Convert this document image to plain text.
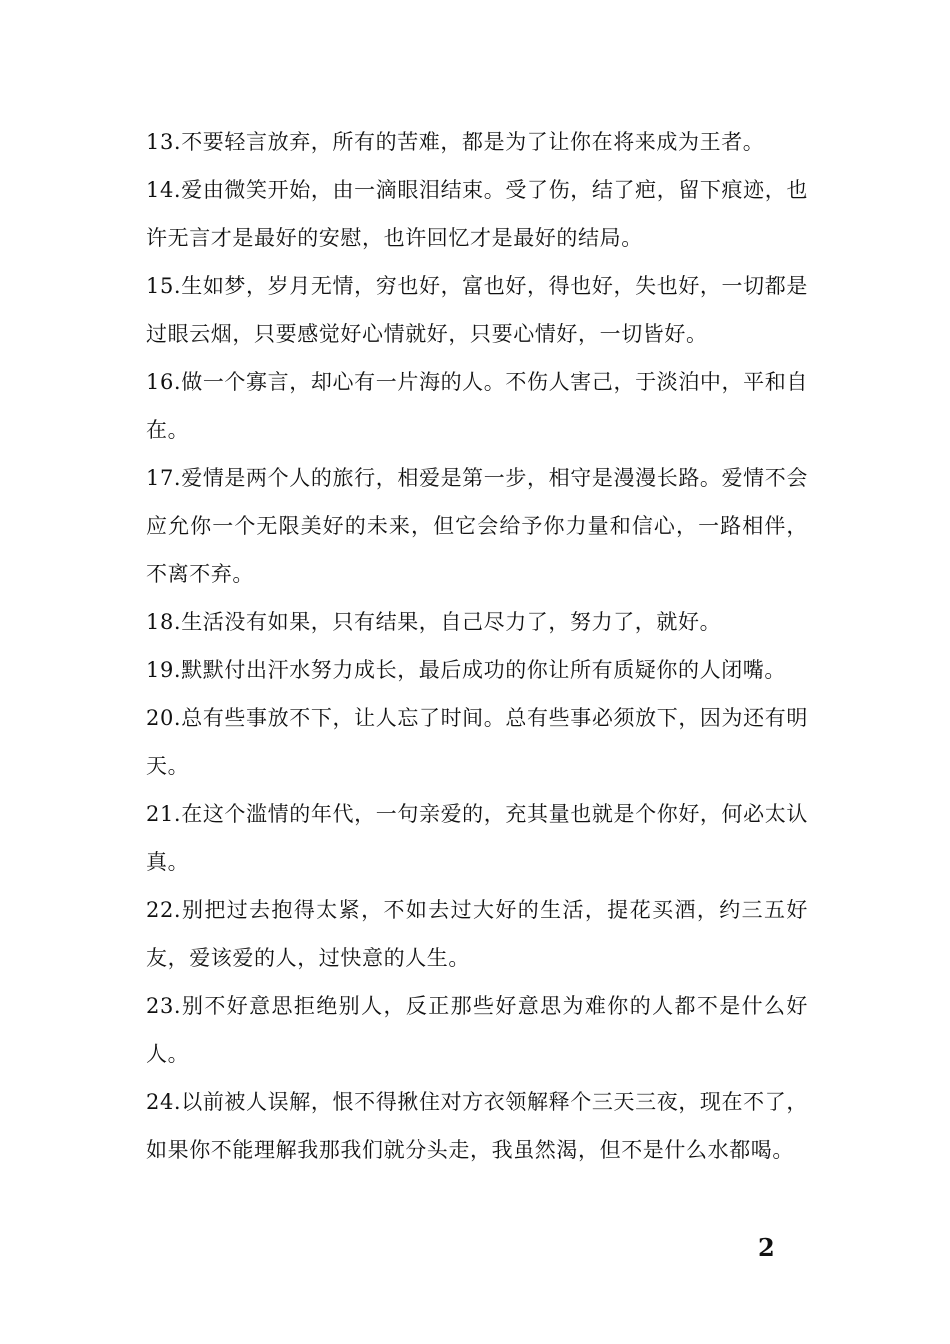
13.不要轻言放弃，所有的苦难，都是为了让你在将来成为王者。

14.爱由微笑开始，由一滴眼泪结束。受了伤，结了疤，留下痕迹，也许无言才是最好的安慰，也许回忆才是最好的结局。

15.生如梦，岁月无情，穷也好，富也好，得也好，失也好，一切都是过眼云烟，只要感觉好心情就好，只要心情好，一切皆好。

16.做一个寡言，却心有一片海的人。不伤人害己，于淡泊中，平和自在。

17.爱情是两个人的旅行，相爱是第一步，相守是漫漫长路。爱情不会应允你一个无限美好的未来，但它会给予你力量和信心，一路相伴，不离不弃。

18.生活没有如果，只有结果，自己尽力了，努力了，就好。

19.默默付出汗水努力成长，最后成功的你让所有质疑你的人闭嘴。

20.总有些事放不下，让人忘了时间。总有些事必须放下，因为还有明天。

21.在这个滥情的年代，一句亲爱的，充其量也就是个你好，何必太认真。

22.别把过去抱得太紧，不如去过大好的生活，提花买酒，约三五好友，爱该爱的人，过快意的人生。

23.别不好意思拒绝别人，反正那些好意思为难你的人都不是什么好人。

24.以前被人误解，恨不得揪住对方衣领解释个三天三夜，现在不了，如果你不能理解我那我们就分头走，我虽然渴，但不是什么水都喝。

2
